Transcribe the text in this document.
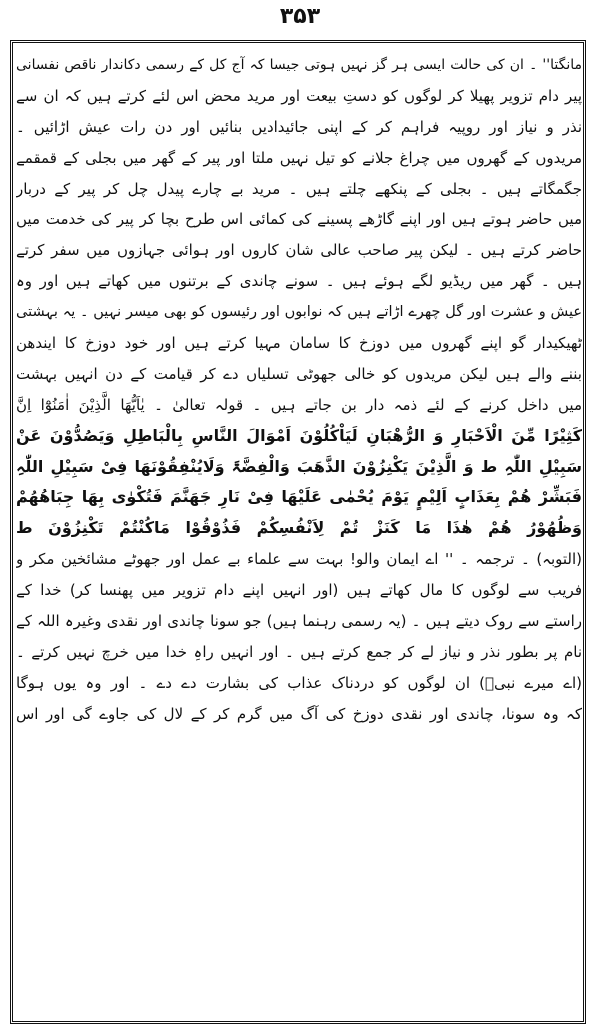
۳۵۳
مانگتا'' ۔ ان کی حالت ایسی ہر گز نہیں ہوتی جیسا کہ آج کل کے رسمی دکاندار ناقص نفسانی
پیر دام تزویر پھیلا کر لوگوں کو دستِ بیعت اور مرید محض اس لئے کرتے ہیں کہ ان سے
نذر و نیاز اور روپیہ فراہم کر کے اپنی جائیدادیں بنائیں اور دن رات عیش اڑائیں ۔
مریدوں کے گھروں میں چراغ جلانے کو تیل نہیں ملتا اور پیر کے گھر میں بجلی کے قمقمے
جگمگاتے ہیں ۔ بجلی کے پنکھے چلتے ہیں ۔ مرید بے چارے پیدل چل کر پیر کے دربار
میں حاضر ہوتے ہیں اور اپنے گاڑھے پسینے کی کمائی اس طرح بچا کر پیر کی خدمت میں
حاضر کرتے ہیں ۔ لیکن پیر صاحب عالی شان کاروں اور ہوائی جہازوں میں سفر کرتے
ہیں ۔ گھر میں ریڈیو لگے ہوئے ہیں ۔ سونے چاندی کے برتنوں میں کھاتے ہیں اور وہ
عیش و عشرت اور گل چھرے اڑاتے ہیں کہ نوابوں اور رئیسوں کو بھی میسر نہیں ۔ یہ بہشتی
ٹھیکیدار گو اپنے گھروں میں دوزخ کا سامان مہیا کرتے ہیں اور خود دوزخ کا ایندھن
بننے والے ہیں لیکن مریدوں کو خالی جھوٹی تسلیاں دے کر قیامت کے دن انہیں بہشت
میں داخل کرنے کے لئے ذمہ دار بن جاتے ہیں ۔ قولہ تعالیٰ ۔ یٰاَیُّھَا الَّذِیْنَ اٰمَنُوْٓا اِنَّ
کَثِیْرًا مِّنَ الْاَحْبَارِ وَ الرُّھْبَانِ لَیَاْکُلُوْنَ اَمْوَالَ النَّاسِ بِالْبَاطِلِ وَیَصُدُّوْنَ عَنْ
سَبِیْلِ اللّٰہِ ط وَ الَّذِیْنَ یَکْنِزُوْنَ الذَّھَبَ وَالْفِضَّۃَ وَلَایُنْفِقُوْنَھَا فِیْ سَبِیْلِ اللّٰہِ
فَبَشِّرْ ھُمْ بِعَذَابٍ اَلِیْمٍ یَوْمَ یُحْمٰی عَلَیْھَا فِیْ نَارِ جَھَنَّمَ فَتُکْوٰی بِھَا جِبَاھُھُمْ
وَظُھُوْرُ ھُمْ ھٰذَا مَا کَنَزْ تُمْ لِاَنْفُسِکُمْ فَذُوْقُوْا مَاکُنْتُمْ تَکْنِزُوْنَ ط
(التوبہ) ۔ ترجمہ ۔ '' اے ایمان والو! بہت سے علماء بے عمل اور جھوٹے مشائخین مکر و
فریب سے لوگوں کا مال کھاتے ہیں (اور انہیں اپنے دام تزویر میں پھنسا کر) خدا کے
راستے سے روک دیتے ہیں ۔ (یہ رسمی رہنما ہیں) جو سونا چاندی اور نقدی وغیرہ اللہ کے
نام پر بطور نذر و نیاز لے کر جمع کرتے ہیں ۔ اور انہیں راہِ خدا میں خرچ نہیں کرتے ۔
(اے میرے نبیؐ) ان لوگوں کو دردناک عذاب کی بشارت دے دے ۔ اور وہ یوں ہوگا
کہ وہ سونا، چاندی اور نقدی دوزخ کی آگ میں گرم کر کے لال کی جاوے گی اور اس
